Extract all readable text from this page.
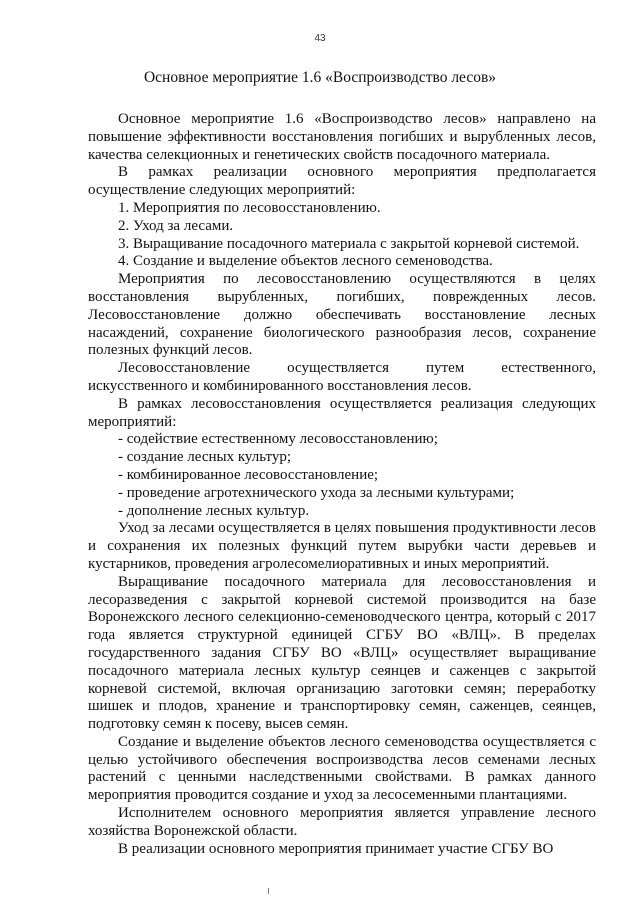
43
Основное мероприятие 1.6 «Воспроизводство лесов»

Основное мероприятие 1.6 «Воспроизводство лесов» направлено на повышение эффективности восстановления погибших и вырубленных лесов, качества селекционных и генетических свойств посадочного материала.

В рамках реализации основного мероприятия предполагается осуществление следующих мероприятий:

1. Мероприятия по лесовосстановлению.

2. Уход за лесами.

3. Выращивание посадочного материала с закрытой корневой системой.

4. Создание и выделение объектов лесного семеноводства.

Мероприятия по лесовосстановлению осуществляются в целях восстановления вырубленных, погибших, поврежденных лесов. Лесовосстановление должно обеспечивать восстановление лесных насаждений, сохранение биологического разнообразия лесов, сохранение полезных функций лесов.

Лесовосстановление осуществляется путем естественного, искусственного и комбинированного восстановления лесов.

В рамках лесовосстановления осуществляется реализация следующих мероприятий:

- содействие естественному лесовосстановлению;

- создание лесных культур;

- комбинированное лесовосстановление;

- проведение агротехнического ухода за лесными культурами;

- дополнение лесных культур.

Уход за лесами осуществляется в целях повышения продуктивности лесов и сохранения их полезных функций путем вырубки части деревьев и кустарников, проведения агролесомелиоративных и иных мероприятий.

Выращивание посадочного материала для лесовосстановления и лесоразведения с закрытой корневой системой производится на базе Воронежского лесного селекционно-семеноводческого центра, который с 2017 года является структурной единицей СГБУ ВО «ВЛЦ». В пределах государственного задания СГБУ ВО «ВЛЦ» осуществляет выращивание посадочного материала лесных культур сеянцев и саженцев с закрытой корневой системой, включая организацию заготовки семян; переработку шишек и плодов, хранение и транспортировку семян, саженцев, сеянцев, подготовку семян к посеву, высев семян.

Создание и выделение объектов лесного семеноводства осуществляется с целью устойчивого обеспечения воспроизводства лесов семенами лесных растений с ценными наследственными свойствами. В рамках данного мероприятия проводится создание и уход за лесосеменными плантациями.

Исполнителем основного мероприятия является управление лесного хозяйства Воронежской области.

В реализации основного мероприятия принимает участие СГБУ ВО
